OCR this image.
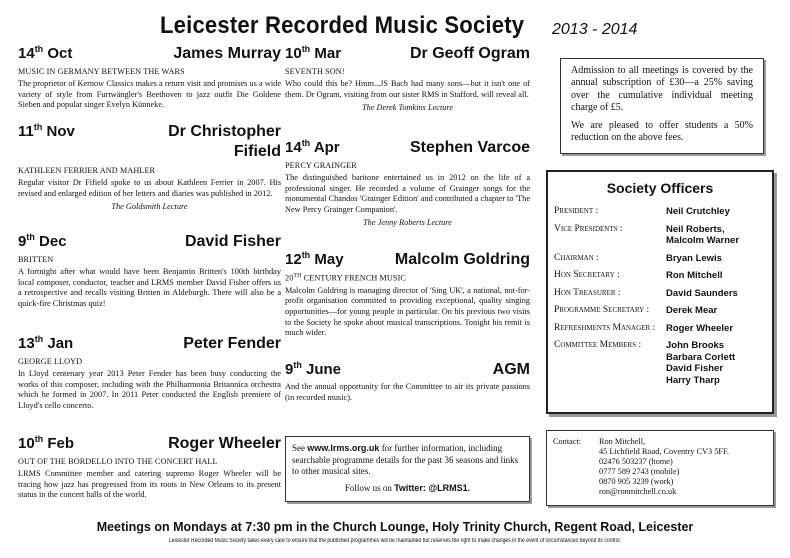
Leicester Recorded Music Society 2013 - 2014
14th Oct	James Murray
MUSIC IN GERMANY BETWEEN THE WARS
The proprietor of Kernow Classics makes a return visit and promises us a wide variety of style from Furtwängler's Beethoven to jazz outfit Die Goldene Sieben and popular singer Evelyn Künneke.
11th Nov	Dr Christopher Fifield
KATHLEEN FERRIER AND MAHLER
Regular visitor Dr Fifield spoke to us about Kathleen Ferrier in 2007. His revised and enlarged edition of her letters and diaries was published in 2012.
The Goldsmith Lecture
9th Dec	David Fisher
BRITTEN
A fortnight after what would have been Benjamin Britten's 100th birthday local composer, conductor, teacher and LRMS member David Fisher offers us a retrospective and recalls visiting Britten in Aldeburgh. There will also be a quick-fire Christmas quiz!
13th Jan	Peter Fender
GEORGE LLOYD
In Lloyd centenary year 2013 Peter Fender has been busy conducting the works of this composer, including with the Philharmonia Britannica orchestra which he formed in 2007. In 2011 Peter conducted the English premiere of Lloyd's cello concerto.
10th Feb	Roger Wheeler
OUT OF THE BORDELLO INTO THE CONCERT HALL
LRMS Committee member and catering supremo Roger Wheeler will be tracing how jazz has progressed from its roots in New Orleans to its present status in the concert halls of the world.
10th Mar	Dr Geoff Ogram
SEVENTH SON!
Who could this be? Hmm...JS Bach had many sons—but it isn't one of them. Dr Ogram, visiting from our sister RMS in Stafford, will reveal all.
The Derek Tomkins Lecture
14th Apr	Stephen Varcoe
PERCY GRAINGER
The distinguished baritone entertained us in 2012 on the life of a professional singer. He recorded a volume of Grainger songs for the monumental Chandos 'Grainger Edition' and contributed a chapter to 'The New Percy Grainger Companion'.
The Jenny Roberts Lecture
12th May	Malcolm Goldring
20TH CENTURY FRENCH MUSIC
Malcolm Goldring is managing director of 'Sing UK', a national, not-for-profit organisation committed to providing exceptional, quality singing opportunities—for young people in particular. On his previous two visits to the Society he spoke about musical transcriptions. Tonight his remit is much wider.
9th June	AGM
And the annual opportunity for the Committee to air its private passions (in recorded music).

Admission to all meetings is covered by the annual subscription of £30—a 25% saving over the cumulative individual meeting charge of £5.

We are pleased to offer students a 50% reduction on the above fees.

Society Officers
President :	Neil Crutchley
Vice Presidents :	Neil Roberts,
Malcolm Warner
Chairman :	Bryan Lewis
Hon Secretary :	Ron Mitchell
Hon Treasurer :	David Saunders
Programme Secretary :	Derek Mear
Refreshments Manager :	Roger Wheeler
Committee Members :	John Brooks
Barbara Corlett
David Fisher
Harry Tharp
See www.lrms.org.uk for further information, including searchable programme details for the past 36 seasons and links to other musical sites.
Follow us on Twitter: @LRMS1.
Contact:	Ron Mitchell,
45 Lichfield Road, Coventry CV3 5FF.
02476 503237 (home)
0777 589 2743 (mobile)
0870 905 3239 (work)
ron@ronmitchell.co.uk
Meetings on Mondays at 7:30 pm in the Church Lounge, Holy Trinity Church, Regent Road, Leicester
Leicester Recorded Music Society takes every care to ensure that the published programmes will be maintained but reserves the right to make changes in the event of circumstances beyond its control.
